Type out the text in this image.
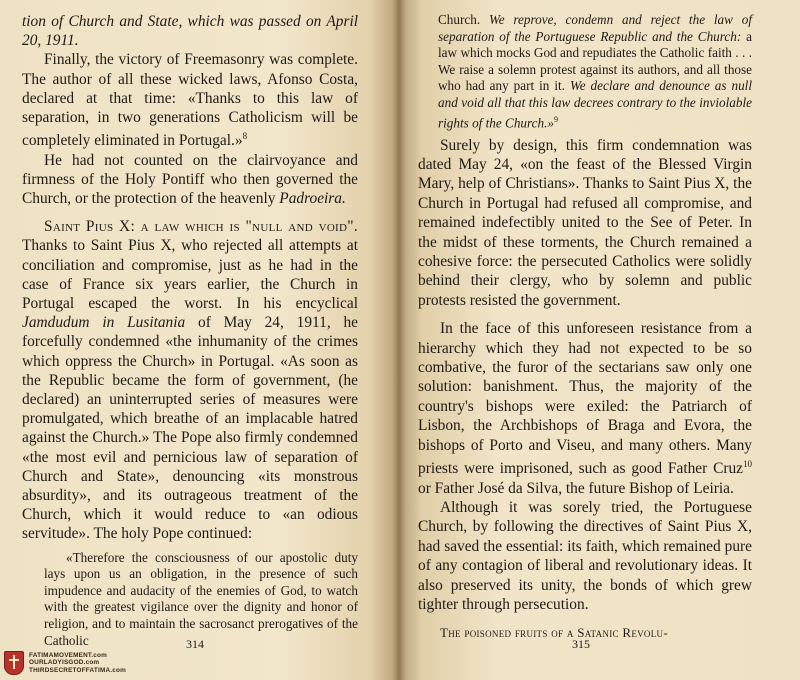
tion of Church and State, which was passed on April 20, 1911.

Finally, the victory of Freemasonry was complete. The author of all these wicked laws, Afonso Costa, declared at that time: «Thanks to this law of separation, in two generations Catholicism will be completely eliminated in Portugal.»$^8$

He had not counted on the clairvoyance and firmness of the Holy Pontiff who then governed the Church, or the protection of the heavenly Padroeira.

Saint Pius X: a law which is "null and void". Thanks to Saint Pius X, who rejected all attempts at conciliation and compromise, just as he had in the case of France six years earlier, the Church in Portugal escaped the worst. In his encyclical Jamdudum in Lusitania of May 24, 1911, he forcefully condemned «the inhumanity of the crimes which oppress the Church» in Portugal. «As soon as the Republic became the form of government, (he declared) an uninterrupted series of measures were promulgated, which breathe of an implacable hatred against the Church.» The Pope also firmly condemned «the most evil and pernicious law of separation of Church and State», denouncing «its monstrous absurdity», and its outrageous treatment of the Church, which it would reduce to «an odious servitude». The holy Pope continued:

«Therefore the consciousness of our apostolic duty lays upon us an obligation, in the presence of such impudence and audacity of the enemies of God, to watch with the greatest vigilance over the dignity and honor of religion, and to maintain the sacrosanct prerogatives of the Catholic	314

Church. We reprove, condemn and reject the law of separation of the Portuguese Republic and the Church: a law which mocks God and repudiates the Catholic faith . . . We raise a solemn protest against its authors, and all those who had any part in it. We declare and denounce as null and void all that this law decrees contrary to the inviolable rights of the Church.»$^9$

Surely by design, this firm condemnation was dated May 24, «on the feast of the Blessed Virgin Mary, help of Christians». Thanks to Saint Pius X, the Church in Portugal had refused all compromise, and remained indefectibly united to the See of Peter. In the midst of these torments, the Church remained a cohesive force: the persecuted Catholics were solidly behind their clergy, who by solemn and public protests resisted the government.

In the face of this unforeseen resistance from a hierarchy which they had not expected to be so combative, the furor of the sectarians saw only one solution: banishment. Thus, the majority of the country's bishops were exiled: the Patriarch of Lisbon, the Archbishops of Braga and Evora, the bishops of Porto and Viseu, and many others. Many priests were imprisoned, such as good Father Cruz$^{10}$ or Father José da Silva, the future Bishop of Leiria.

Although it was sorely tried, the Portuguese Church, by following the directives of Saint Pius X, had saved the essential: its faith, which remained pure of any contagion of liberal and revolutionary ideas. It also preserved its unity, the bonds of which grew tighter through persecution.

The poisoned fruits of a Satanic Revolu-

315
FATIMAMOVEMENT.com
OURLADYISGOD.com
THIRDSECRETOFFATIMA.com
